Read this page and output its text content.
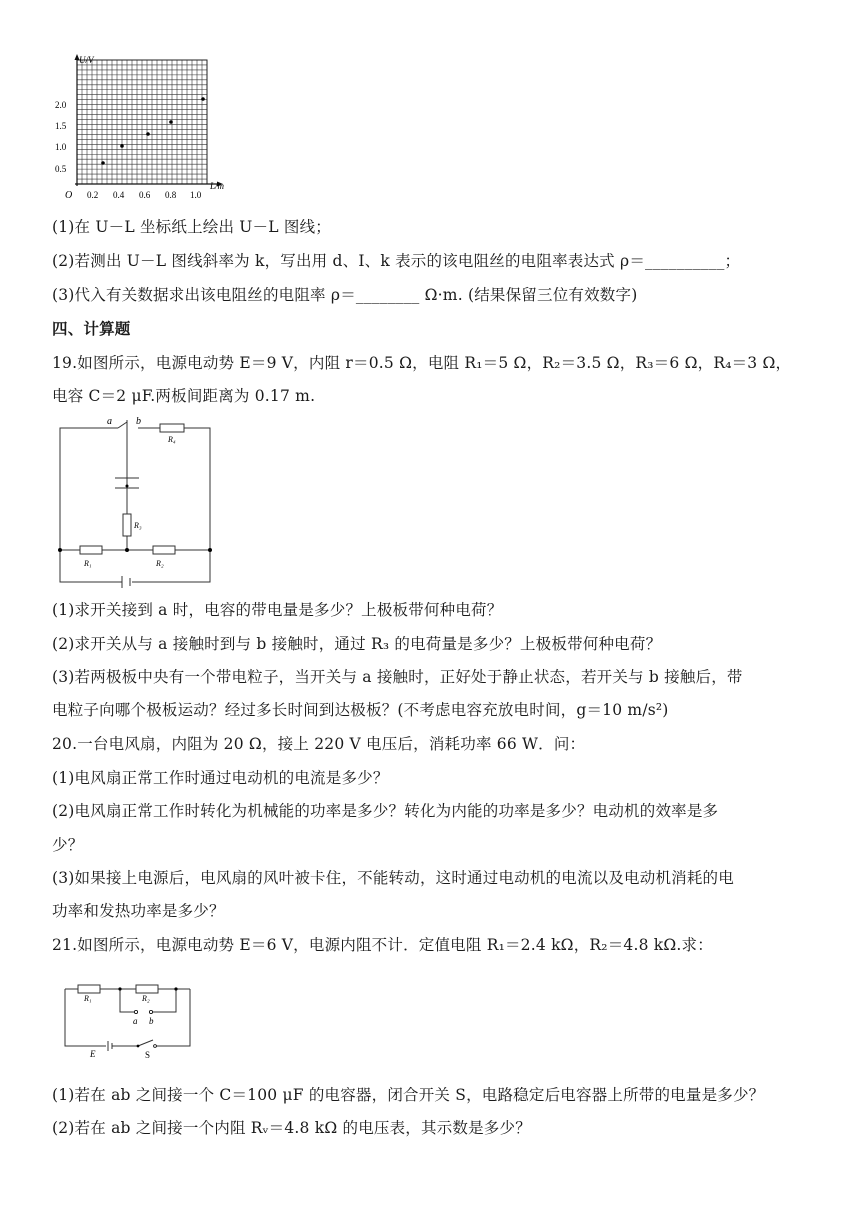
U/V
L/m
O
2.0
1.5
1.0
0.5
0.2 0.4 0.6 0.8 1.0
(1)在 U－L 坐标纸上绘出 U－L 图线；
(2)若测出 U－L 图线斜率为 k，写出用 d、I、k 表示的该电阻丝的电阻率表达式 ρ＝__________；
(3)代入有关数据求出该电阻丝的电阻率 ρ＝________ Ω·m. (结果保留三位有效数字)
四、计算题
19.如图所示，电源电动势 E＝9 V，内阻 r＝0.5 Ω，电阻 R₁＝5 Ω，R₂＝3.5 Ω，R₃＝6 Ω，R₄＝3 Ω，
电容 C＝2 μF.两板间距离为 0.17 m.
a b
R₄
R₃
R₁	R₂
(1)求开关接到 a 时，电容的带电量是多少？上极板带何种电荷？
(2)求开关从与 a 接触时到与 b 接触时，通过 R₃ 的电荷量是多少？上极板带何种电荷？
(3)若两极板中央有一个带电粒子，当开关与 a 接触时，正好处于静止状态，若开关与 b 接触后，带
电粒子向哪个极板运动？经过多长时间到达极板？(不考虑电容充放电时间，g＝10 m/s²)
20.一台电风扇，内阻为 20 Ω，接上 220 V 电压后，消耗功率 66 W．问：
(1)电风扇正常工作时通过电动机的电流是多少？
(2)电风扇正常工作时转化为机械能的功率是多少？转化为内能的功率是多少？电动机的效率是多
少？
(3)如果接上电源后，电风扇的风叶被卡住，不能转动，这时通过电动机的电流以及电动机消耗的电
功率和发热功率是多少？
21.如图所示，电源电动势 E＝6 V，电源内阻不计．定值电阻 R₁＝2.4 kΩ，R₂＝4.8 kΩ.求：
R₁	R₂
a b
E	S
(1)若在 ab 之间接一个 C＝100 μF 的电容器，闭合开关 S，电路稳定后电容器上所带的电量是多少？
(2)若在 ab 之间接一个内阻 Rᵥ＝4.8 kΩ 的电压表，其示数是多少？
